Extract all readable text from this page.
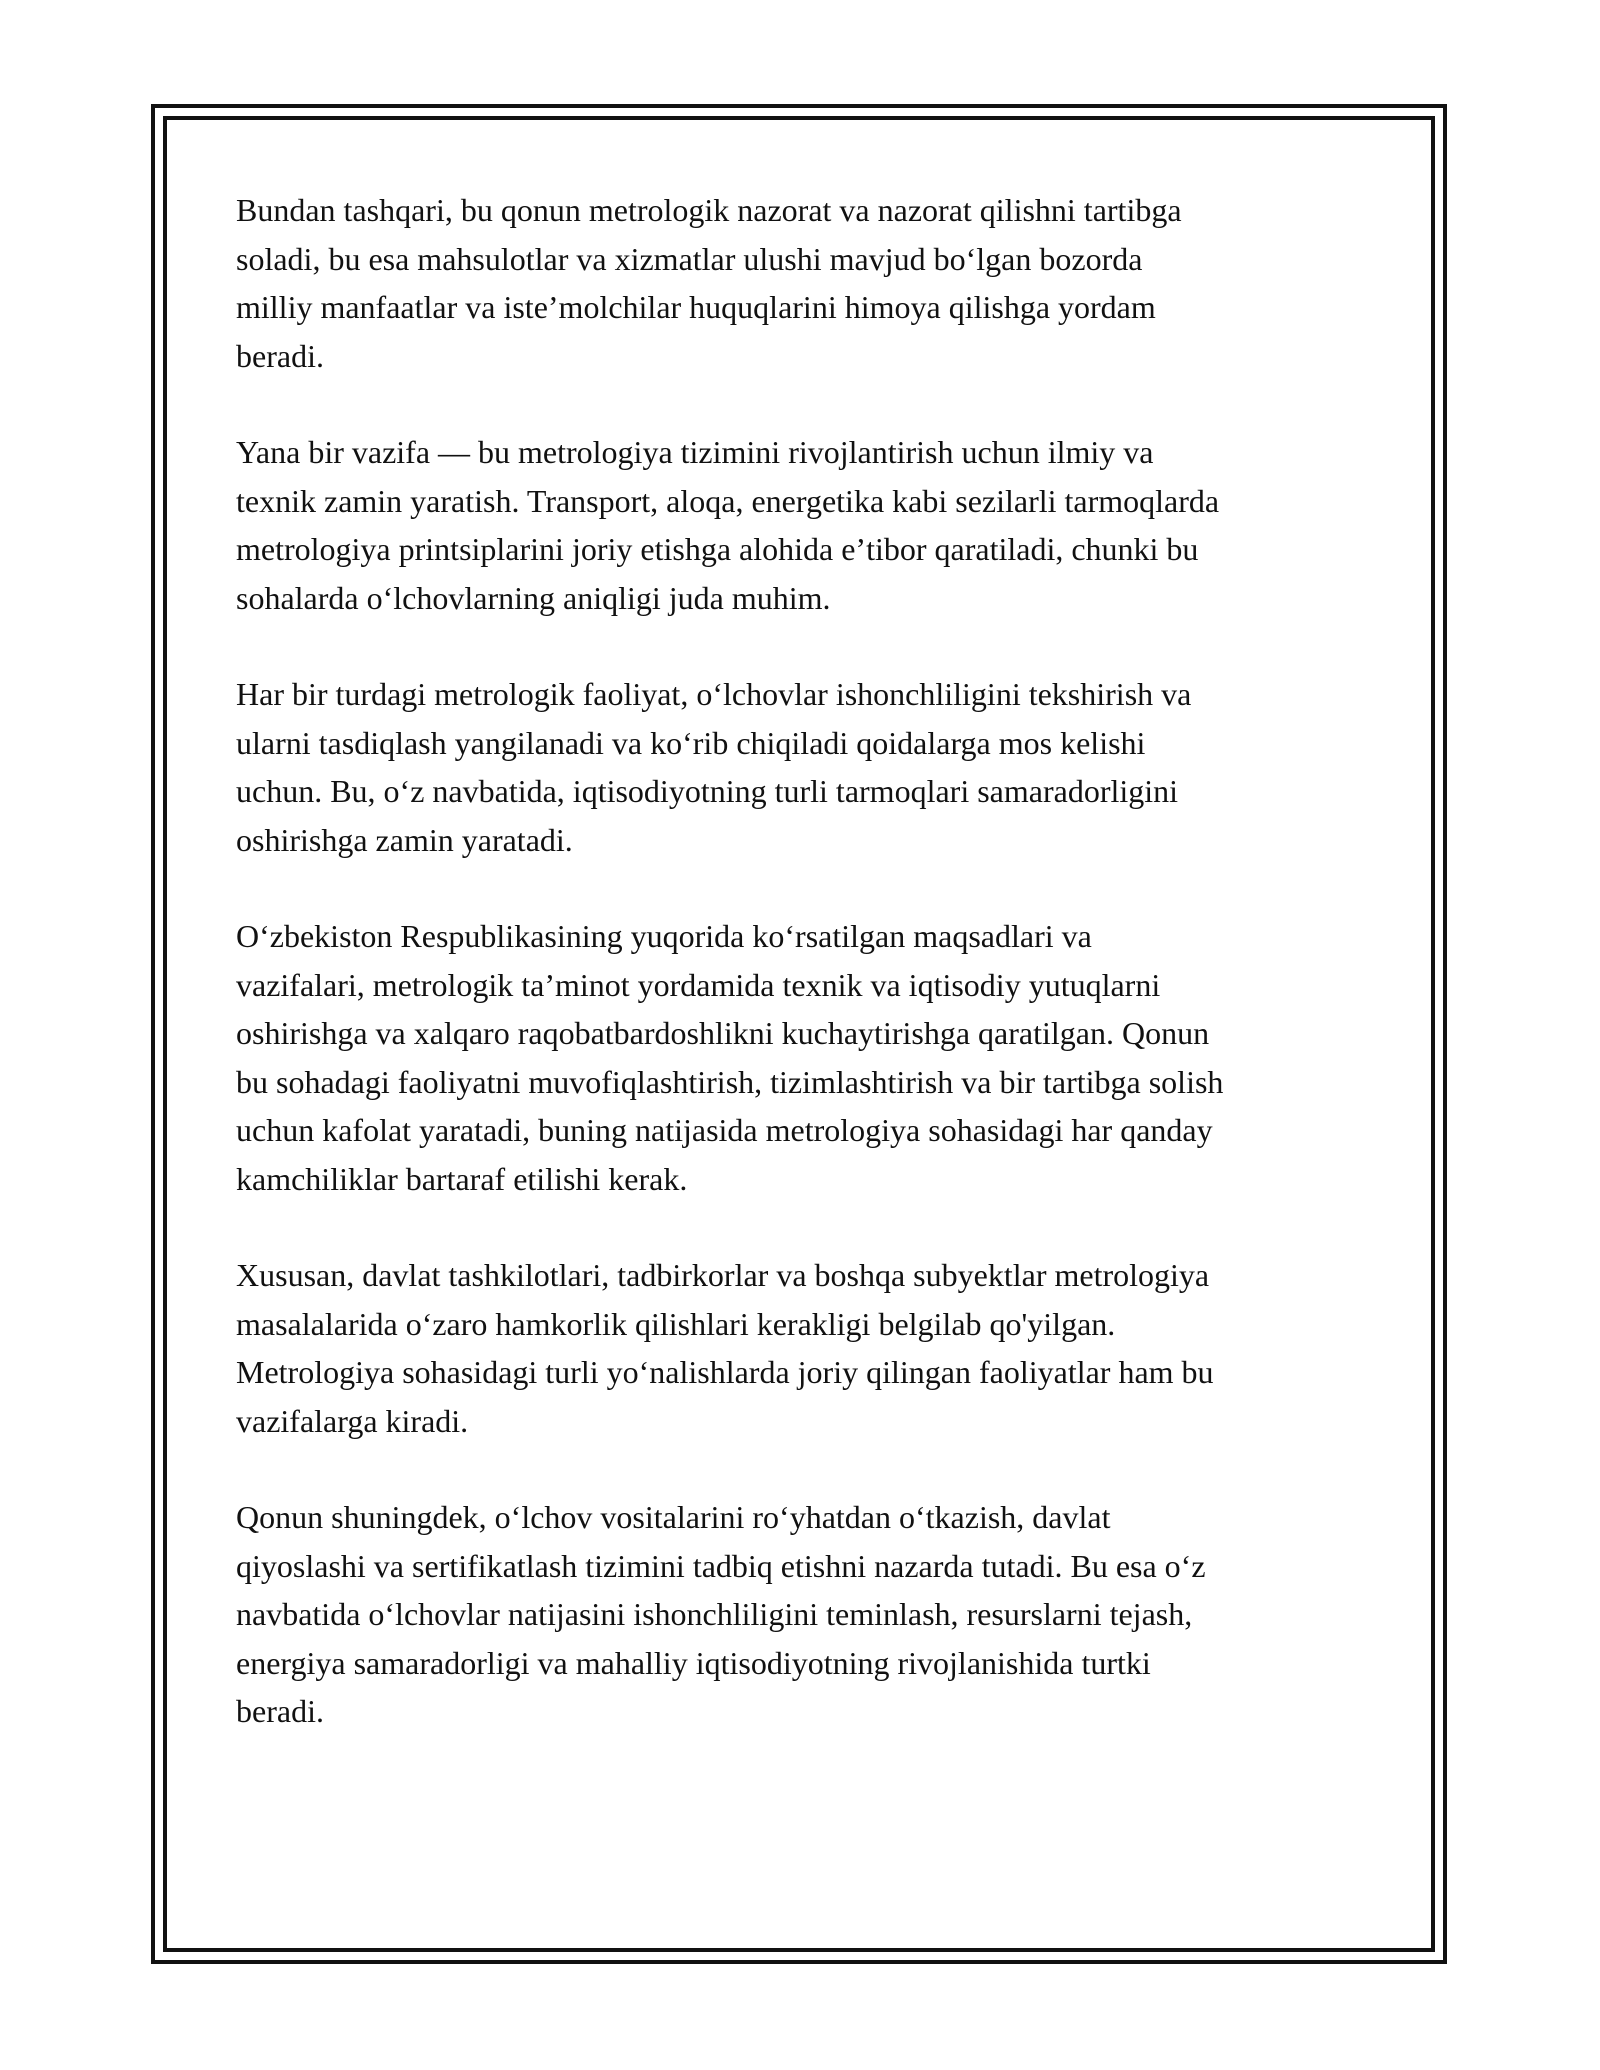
Bundan tashqari, bu qonun metrologik nazorat va nazorat qilishni tartibga
soladi, bu esa mahsulotlar va xizmatlar ulushi mavjud boʻlgan bozorda
milliy manfaatlar va isteʼmolchilar huquqlarini himoya qilishga yordam
beradi.

Yana bir vazifa — bu metrologiya tizimini rivojlantirish uchun ilmiy va
texnik zamin yaratish. Transport, aloqa, energetika kabi sezilarli tarmoqlarda
metrologiya printsiplarini joriy etishga alohida eʼtibor qaratiladi, chunki bu
sohalarda oʻlchovlarning aniqligi juda muhim.

Har bir turdagi metrologik faoliyat, oʻlchovlar ishonchliligini tekshirish va
ularni tasdiqlash yangilanadi va koʻrib chiqiladi qoidalarga mos kelishi
uchun. Bu, oʻz navbatida, iqtisodiyotning turli tarmoqlari samaradorligini
oshirishga zamin yaratadi.

Oʻzbekiston Respublikasining yuqorida koʻrsatilgan maqsadlari va
vazifalari, metrologik taʼminot yordamida texnik va iqtisodiy yutuqlarni
oshirishga va xalqaro raqobatbardoshlikni kuchaytirishga qaratilgan. Qonun
bu sohadagi faoliyatni muvofiqlashtirish, tizimlashtirish va bir tartibga solish
uchun kafolat yaratadi, buning natijasida metrologiya sohasidagi har qanday
kamchiliklar bartaraf etilishi kerak.

Xususan, davlat tashkilotlari, tadbirkorlar va boshqa subyektlar metrologiya
masalalarida oʻzaro hamkorlik qilishlari kerakligi belgilab qo'yilgan.
Metrologiya sohasidagi turli yoʻnalishlarda joriy qilingan faoliyatlar ham bu
vazifalarga kiradi.

Qonun shuningdek, oʻlchov vositalarini roʻyhatdan oʻtkazish, davlat
qiyoslashi va sertifikatlash tizimini tadbiq etishni nazarda tutadi. Bu esa oʻz
navbatida oʻlchovlar natijasini ishonchliligini teminlash, resurslarni tejash,
energiya samaradorligi va mahalliy iqtisodiyotning rivojlanishida turtki
beradi.
